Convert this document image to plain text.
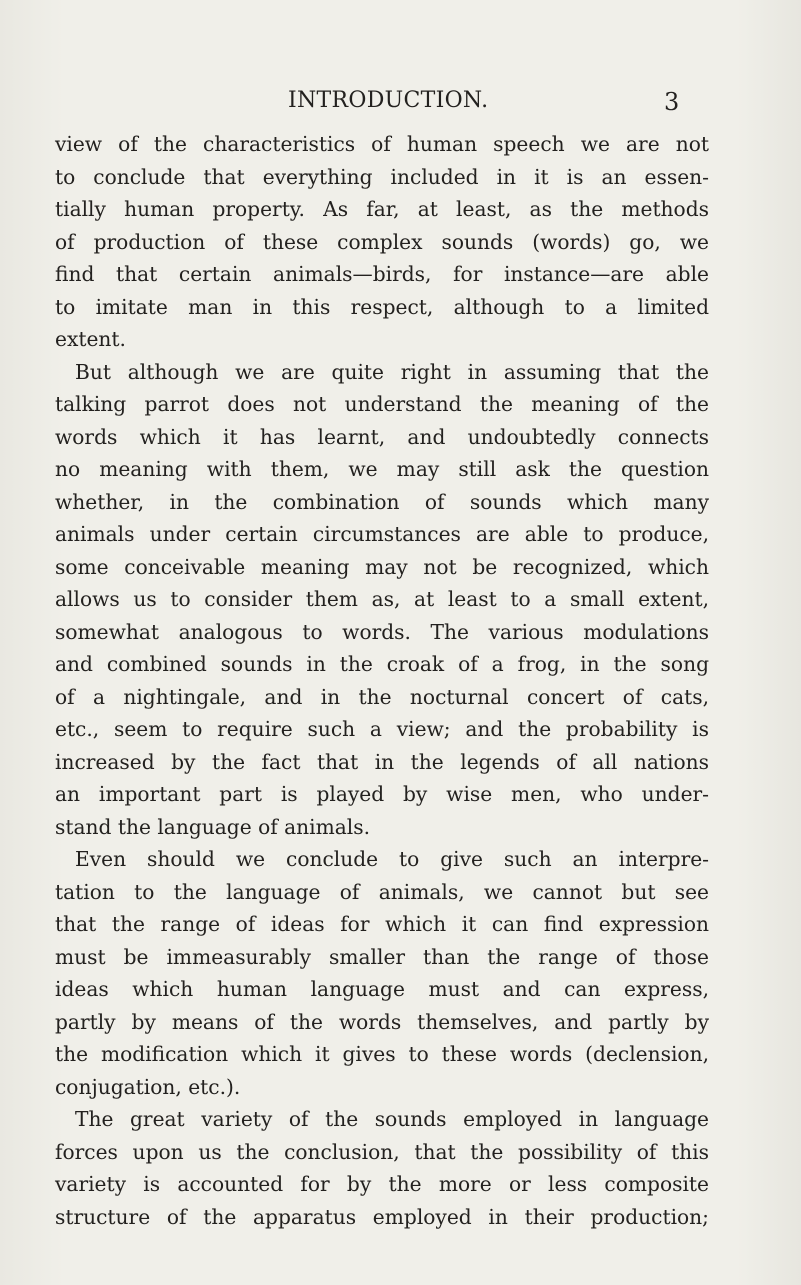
INTRODUCTION.	3
view of the characteristics of human speech we are not
to conclude that everything included in it is an essen-
tially human property. As far, at least, as the methods
of production of these complex sounds (words) go, we
find that certain animals—birds, for instance—are able
to imitate man in this respect, although to a limited
extent.
But although we are quite right in assuming that the
talking parrot does not understand the meaning of the
words which it has learnt, and undoubtedly connects
no meaning with them, we may still ask the question
whether, in the combination of sounds which many
animals under certain circumstances are able to produce,
some conceivable meaning may not be recognized, which
allows us to consider them as, at least to a small extent,
somewhat analogous to words. The various modulations
and combined sounds in the croak of a frog, in the song
of a nightingale, and in the nocturnal concert of cats,
etc., seem to require such a view; and the probability is
increased by the fact that in the legends of all nations
an important part is played by wise men, who under-
stand the language of animals.
Even should we conclude to give such an interpre-
tation to the language of animals, we cannot but see
that the range of ideas for which it can find expression
must be immeasurably smaller than the range of those
ideas which human language must and can express,
partly by means of the words themselves, and partly by
the modification which it gives to these words (declension,
conjugation, etc.).
The great variety of the sounds employed in language
forces upon us the conclusion, that the possibility of this
variety is accounted for by the more or less composite
structure of the apparatus employed in their production;
